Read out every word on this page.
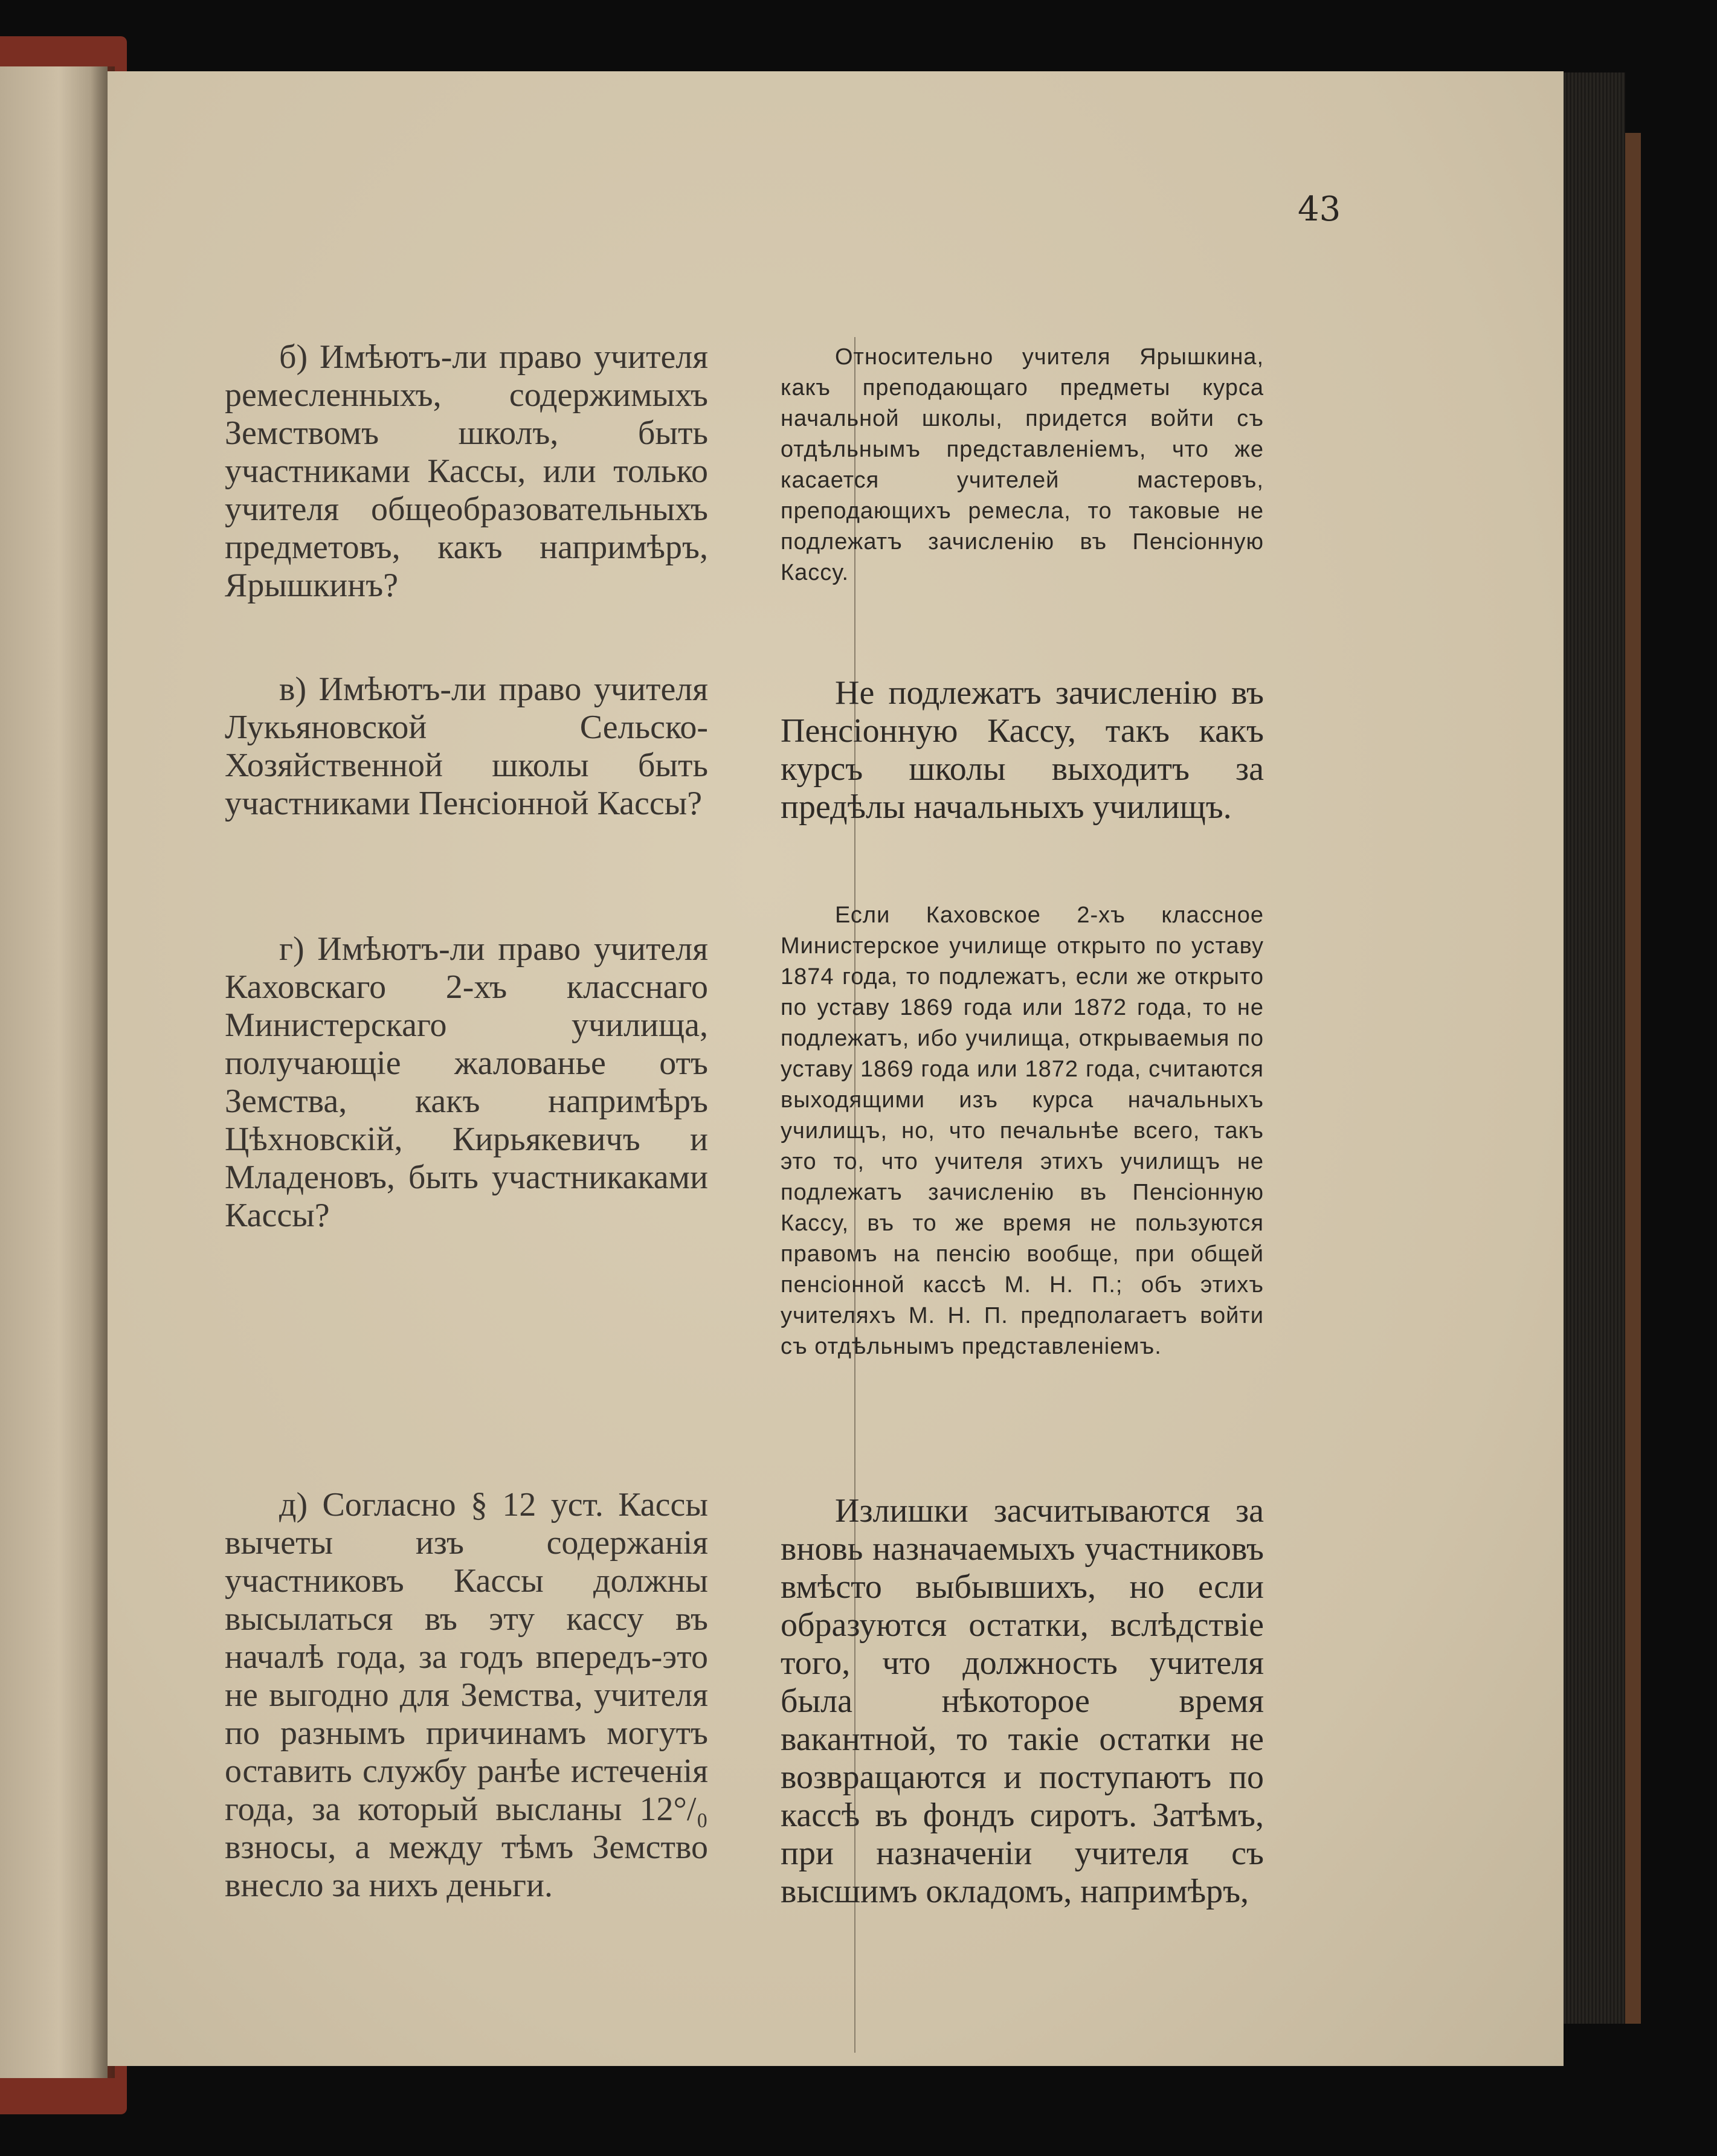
43
б) Имѣютъ-ли право учителя ремесленныхъ, содержимыхъ Земствомъ школъ, быть участниками Кассы, или только учителя общеобразовательныхъ предметовъ, какъ напримѣръ, Ярышкинъ?
в) Имѣютъ-ли право учителя Лукьяновской Сельско-Хозяйственной школы быть участниками Пенсіонной Кассы?
г) Имѣютъ-ли право учителя Каховскаго 2-хъ класснаго Министерскаго училища, получающіе жалованье отъ Земства, какъ напримѣръ Цѣхновскій, Кирьякевичъ и Младеновъ, быть участникаками Кассы?
д) Согласно § 12 уст. Кассы вычеты изъ содержанія участниковъ Кассы должны высылаться въ эту кассу въ началѣ года, за годъ впередъ-это не выгодно для Земства, учителя по разнымъ причинамъ могутъ оставить службу ранѣе истеченія года, за который высланы 12°/₀ взносы, а между тѣмъ Земство внесло за нихъ деньги.
Относительно учителя Ярышкина, какъ преподающаго предметы курса начальной школы, придется войти съ отдѣльнымъ представленіемъ, что же касается учителей мастеровъ, преподающихъ ремесла, то таковые не подлежатъ зачисленію въ Пенсіонную Кассу.
Не подлежатъ зачисленію въ Пенсіонную Кассу, такъ какъ курсъ школы выходитъ за предѣлы начальныхъ училищъ.
Если Каховское 2-хъ классное Министерское училище открыто по уставу 1874 года, то подлежатъ, если же открыто по уставу 1869 года или 1872 года, то не подлежатъ, ибо училища, открываемыя по уставу 1869 года или 1872 года, считаются выходящими изъ курса начальныхъ училищъ, но, что печальнѣе всего, такъ это то, что учителя этихъ училищъ не подлежатъ зачисленію въ Пенсіонную Кассу, въ то же время не пользуются правомъ на пенсію вообще, при общей пенсіонной кассѣ М. Н. П.; объ этихъ учителяхъ М. Н. П. предполагаетъ войти съ отдѣльнымъ представленіемъ.
Излишки засчитываются за вновь назначаемыхъ участниковъ вмѣсто выбывшихъ, но если образуются остатки, вслѣдствіе того, что должность учителя была нѣкоторое время вакантной, то такіе остатки не возвращаются и поступаютъ по кассѣ въ фондъ сиротъ. Затѣмъ, при назначеніи учителя съ высшимъ окладомъ, напримѣръ,
